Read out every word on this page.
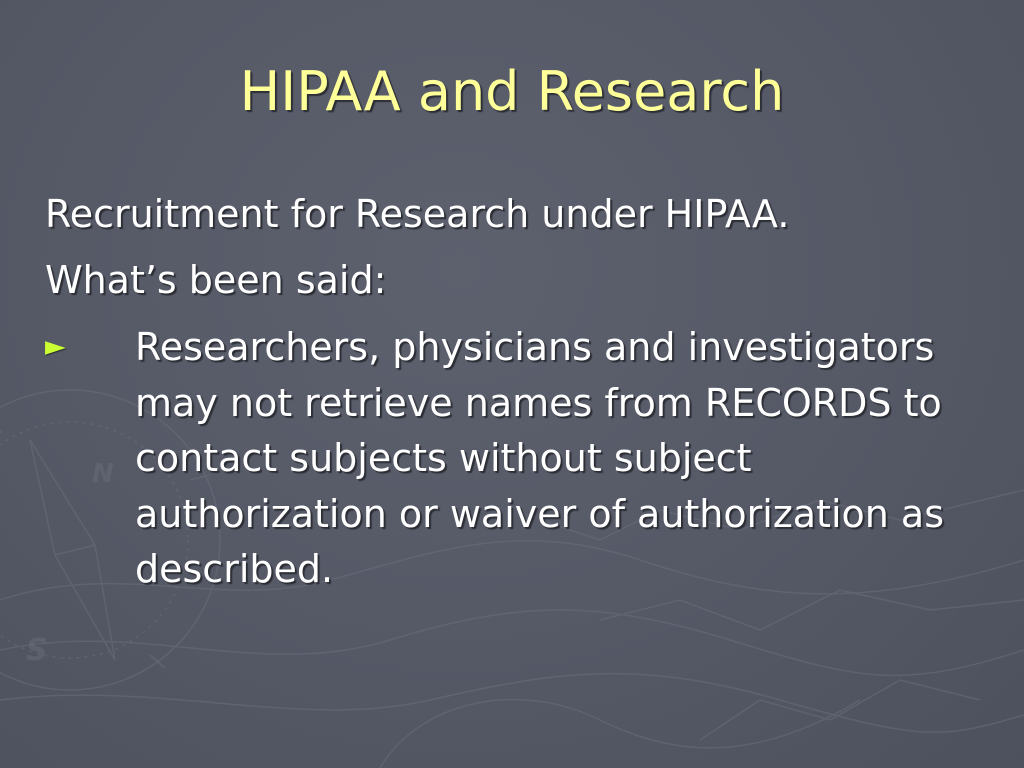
N
S
HIPAA and Research
Recruitment for Research under HIPAA.
What’s been said:
► Researchers, physicians and investigators may not retrieve names from RECORDS to contact subjects without subject authorization or waiver of authorization as described.
